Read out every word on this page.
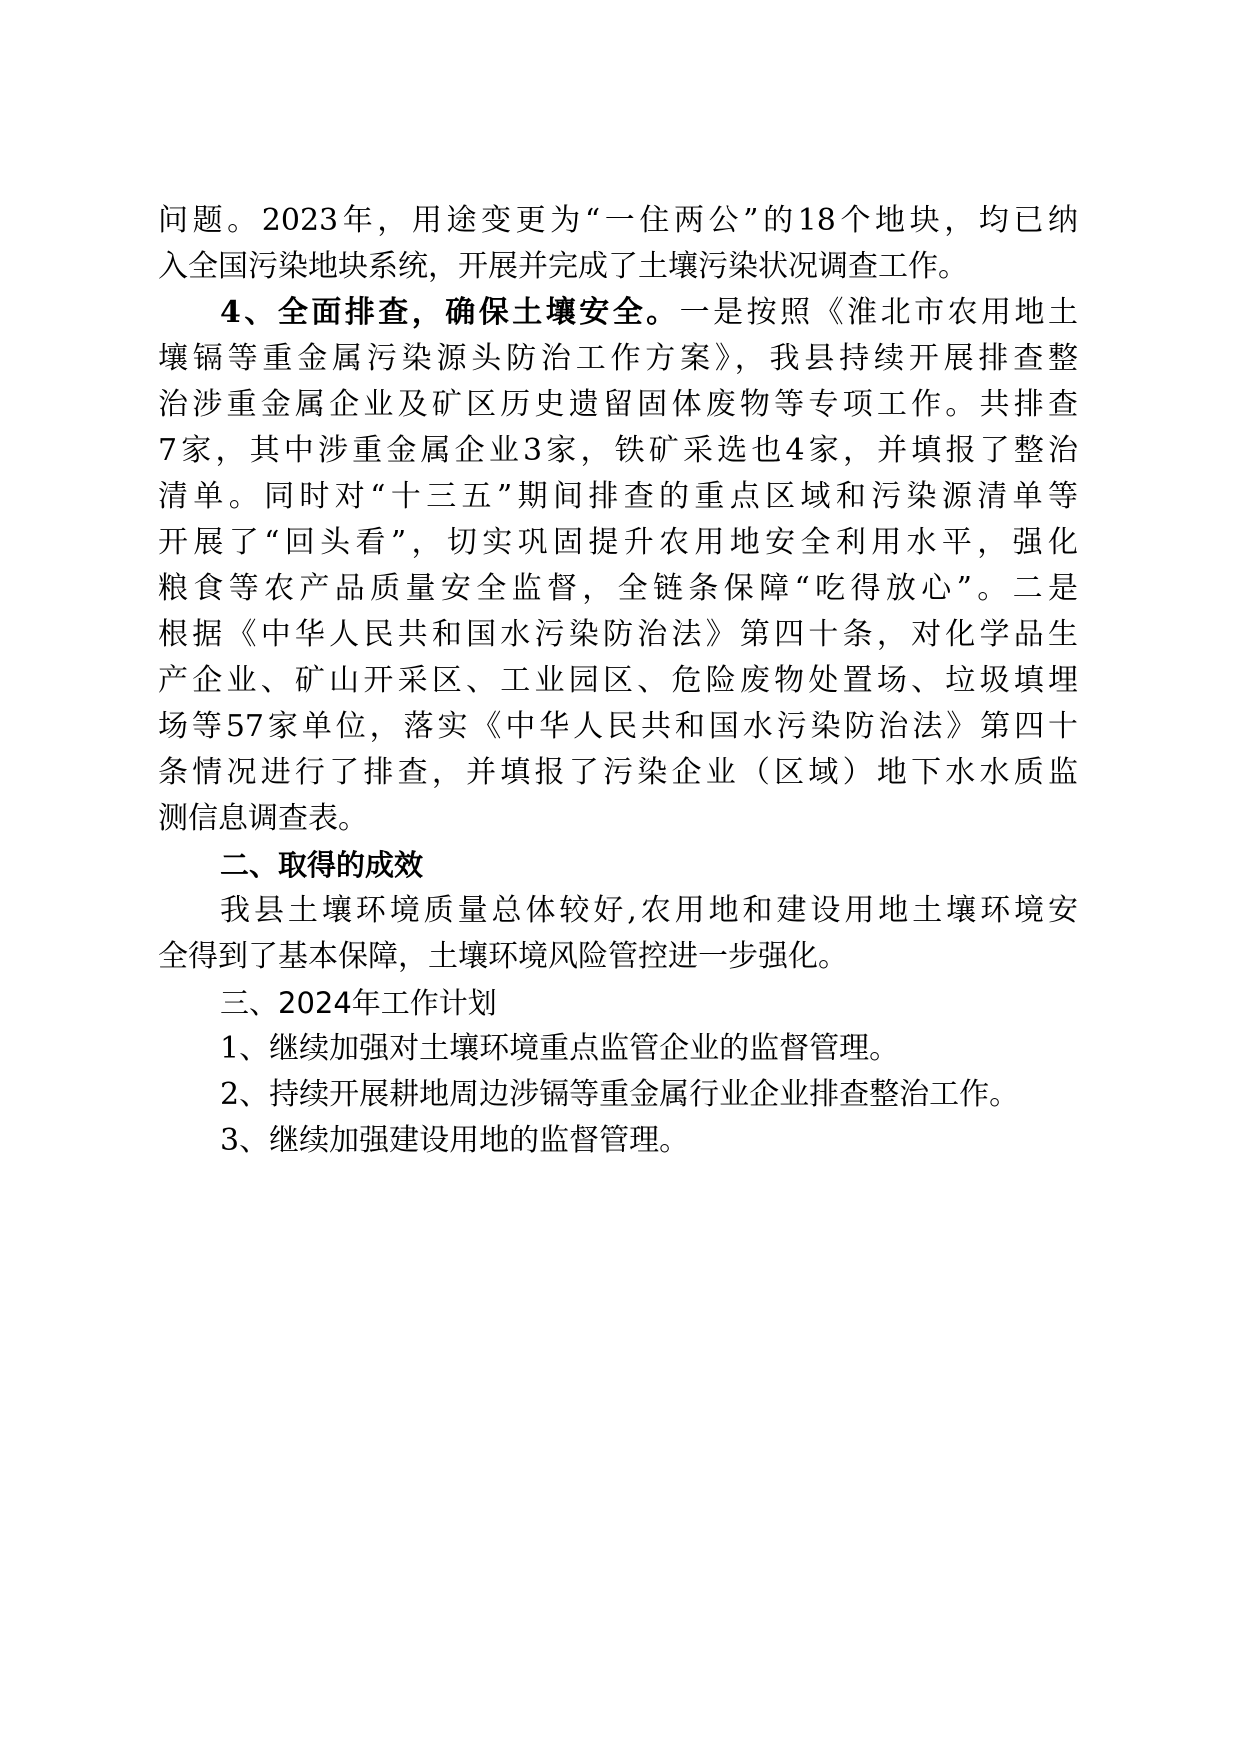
问题。2023年，用途变更为“一住两公”的18个地块，均已纳
入全国污染地块系统，开展并完成了土壤污染状况调查工作。
4、全面排查，确保土壤安全。一是按照《淮北市农用地土
壤镉等重金属污染源头防治工作方案》，我县持续开展排查整
治涉重金属企业及矿区历史遗留固体废物等专项工作。共排查
7家，其中涉重金属企业3家，铁矿采选也4家，并填报了整治
清单。同时对“十三五”期间排查的重点区域和污染源清单等
开展了“回头看”，切实巩固提升农用地安全利用水平，强化
粮食等农产品质量安全监督，全链条保障“吃得放心”。二是
根据《中华人民共和国水污染防治法》第四十条，对化学品生
产企业、矿山开采区、工业园区、危险废物处置场、垃圾填埋
场等57家单位，落实《中华人民共和国水污染防治法》第四十
条情况进行了排查，并填报了污染企业（区域）地下水水质监
测信息调查表。
二、取得的成效
我县土壤环境质量总体较好,农用地和建设用地土壤环境安
全得到了基本保障，土壤环境风险管控进一步强化。
三、2024年工作计划
1、继续加强对土壤环境重点监管企业的监督管理。
2、持续开展耕地周边涉镉等重金属行业企业排查整治工作。
3、继续加强建设用地的监督管理。
